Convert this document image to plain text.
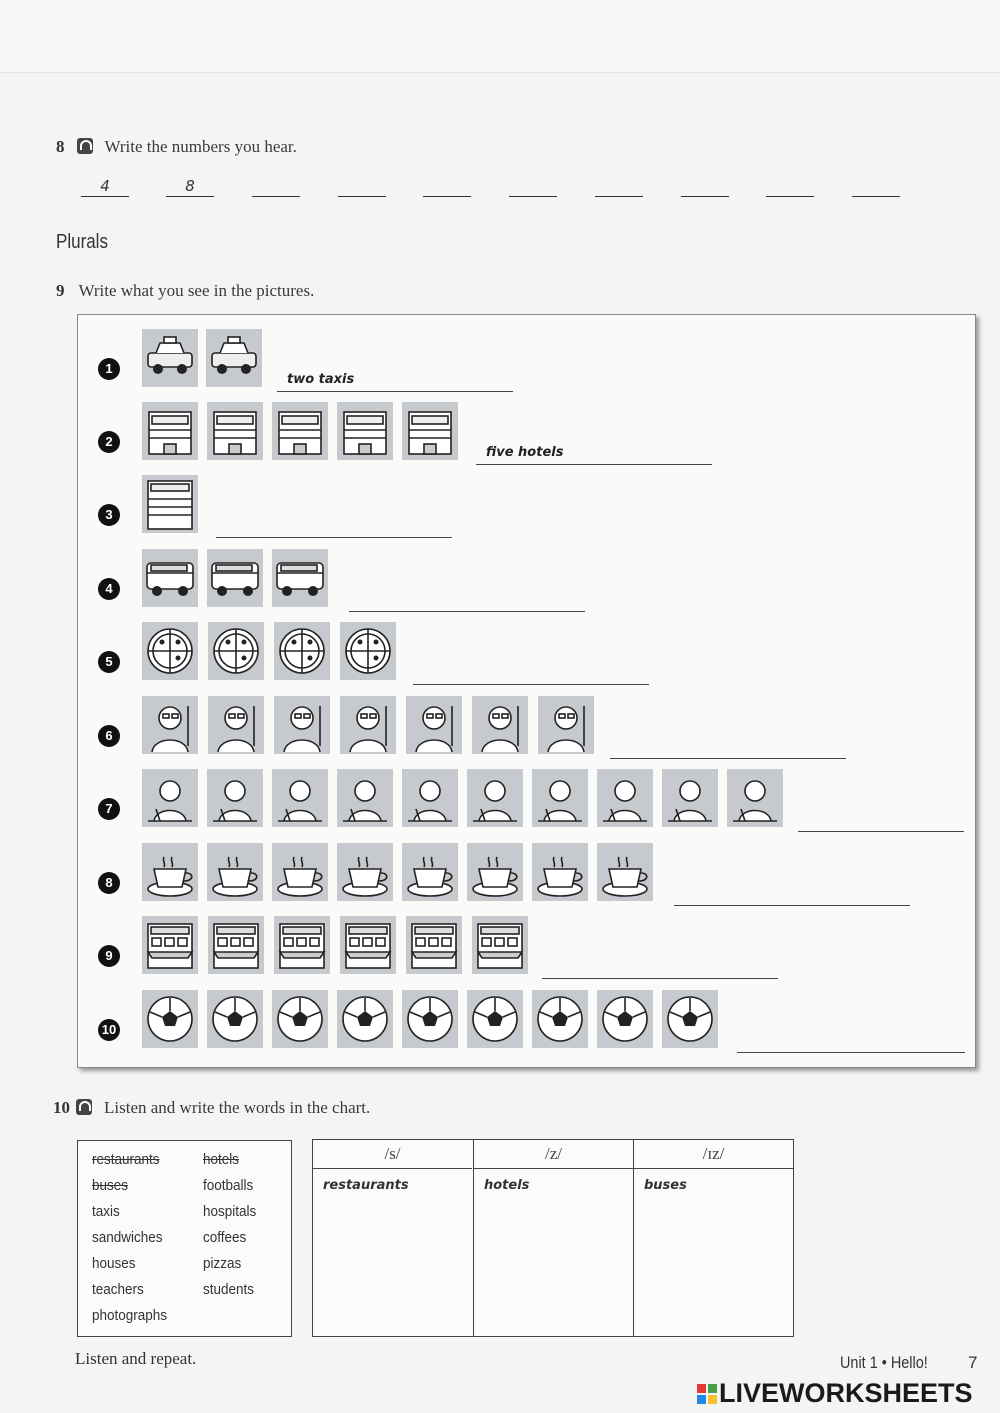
8 Write the numbers you hear.
4	8
Plurals
9 Write what you see in the pictures.
1
two taxis
2
five hotels
3
4
5
6
7
8
9
10
10 Listen and write the words in the chart.
restaurants
buses
taxis
sandwiches
houses
teachers
photographs
hotels
footballs
hospitals
coffees
pizzas
students
/s/
restaurants
/z/
hotels
/ɪz/
buses
Listen and repeat.	Unit 1 • Hello! 7
LIVEWORKSHEETS
